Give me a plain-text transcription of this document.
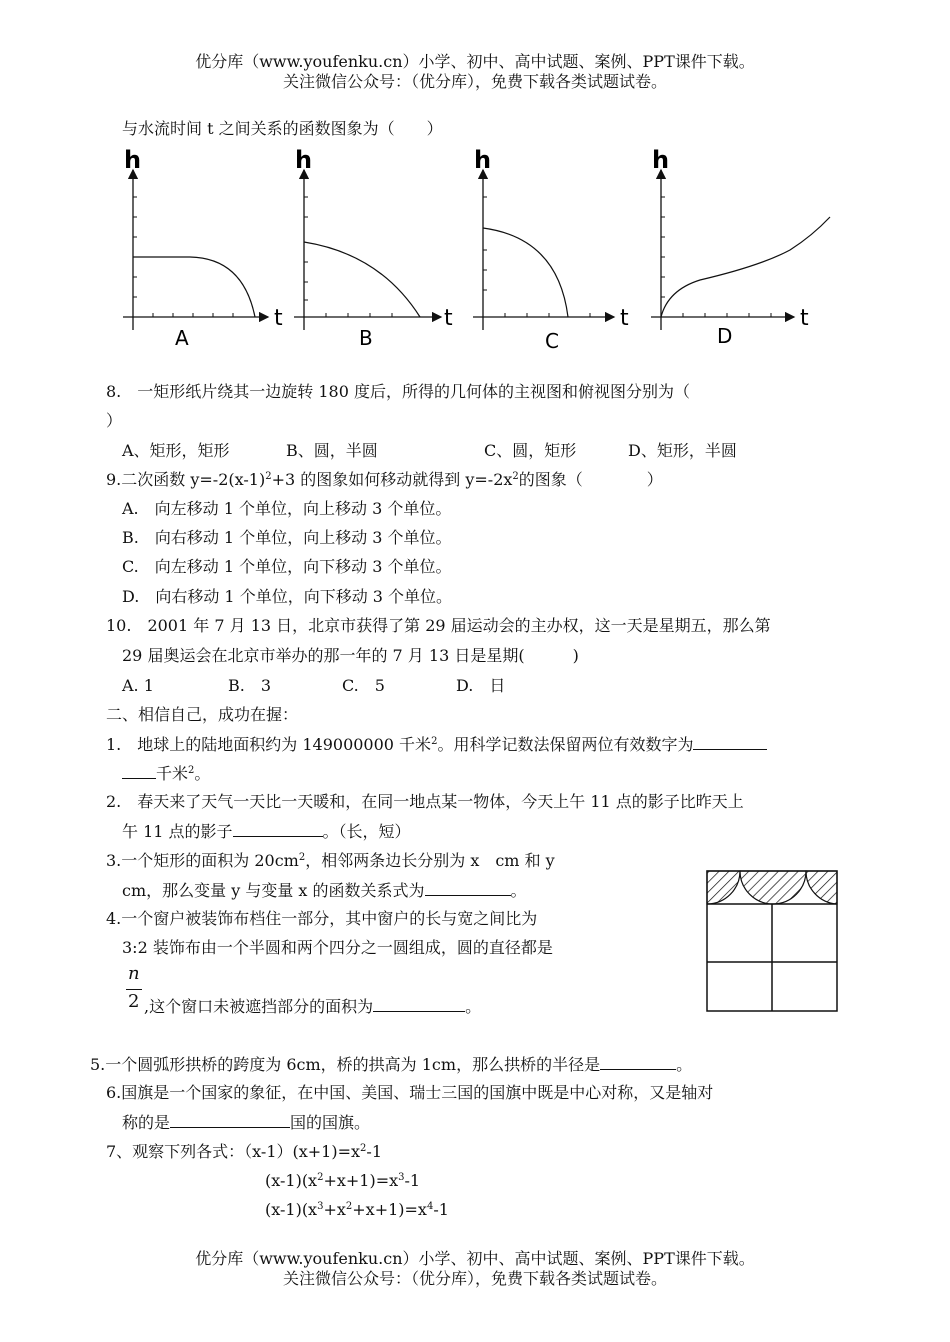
优分库（www.youfenku.cn）小学、初中、高中试题、案例、PPT课件下载。
关注微信公众号：（优分库），免费下载各类试题试卷。
与水流时间 t 之间关系的函数图象为（　　）
h
t
A
h
t
B
h
t
C
h
t
D
8.　一矩形纸片绕其一边旋转 180 度后，所得的几何体的主视图和俯视图分别为（
）
A、矩形，矩形	B、圆，半圆	C、圆，矩形	D、矩形，半圆
9.二次函数 $y=-2(x-1)^2+3$ 的图象如何移动就得到 $y=-2x^2$的图象（　　　　）
A.　向左移动 1 个单位，向上移动 3 个单位。
B.　向右移动 1 个单位，向上移动 3 个单位。
C.　向左移动 1 个单位，向下移动 3 个单位。
D.　向右移动 1 个单位，向下移动 3 个单位。
10.　2001 年 7 月 13 日，北京市获得了第 29 届运动会的主办权，这一天是星期五，那么第
29 届奥运会在北京市举办的那一年的 7 月 13 日是星期(　　　)
A. 1	B.　3	C.　5	D.　日
二、相信自己，成功在握：
1.　地球上的陆地面积约为 149000000 千米$^2$。用科学记数法保留两位有效数字为
千米$^2$。
2.　春天来了天气一天比一天暖和，在同一地点某一物体，今天上午 11 点的影子比昨天上
午 11 点的影子	。（长，短）
3.一个矩形的面积为 $20cm^2$，相邻两条边长分别为 x　cm 和 y
cm，那么变量 y 与变量 x 的函数关系式为	。
4.一个窗户被装饰布档住一部分，其中窗户的长与宽之间比为
3:2 装饰布由一个半圆和两个四分之一圆组成，圆的直径都是
n
2 ,这个窗口未被遮挡部分的面积为	。
5.一个圆弧形拱桥的跨度为 6cm，桥的拱高为 1cm，那么拱桥的半径是	。
6.国旗是一个国家的象征，在中国、美国、瑞士三国的国旗中既是中心对称，又是轴对
称的是	国的国旗。
7、观察下列各式：$(x-1)(x+1)=x^2-1$
$(x-1)(x^2+x+1)=x^3-1$
$(x-1)(x^3+x^2+x+1)=x^4-1$
优分库（www.youfenku.cn）小学、初中、高中试题、案例、PPT课件下载。
关注微信公众号：（优分库），免费下载各类试题试卷。
